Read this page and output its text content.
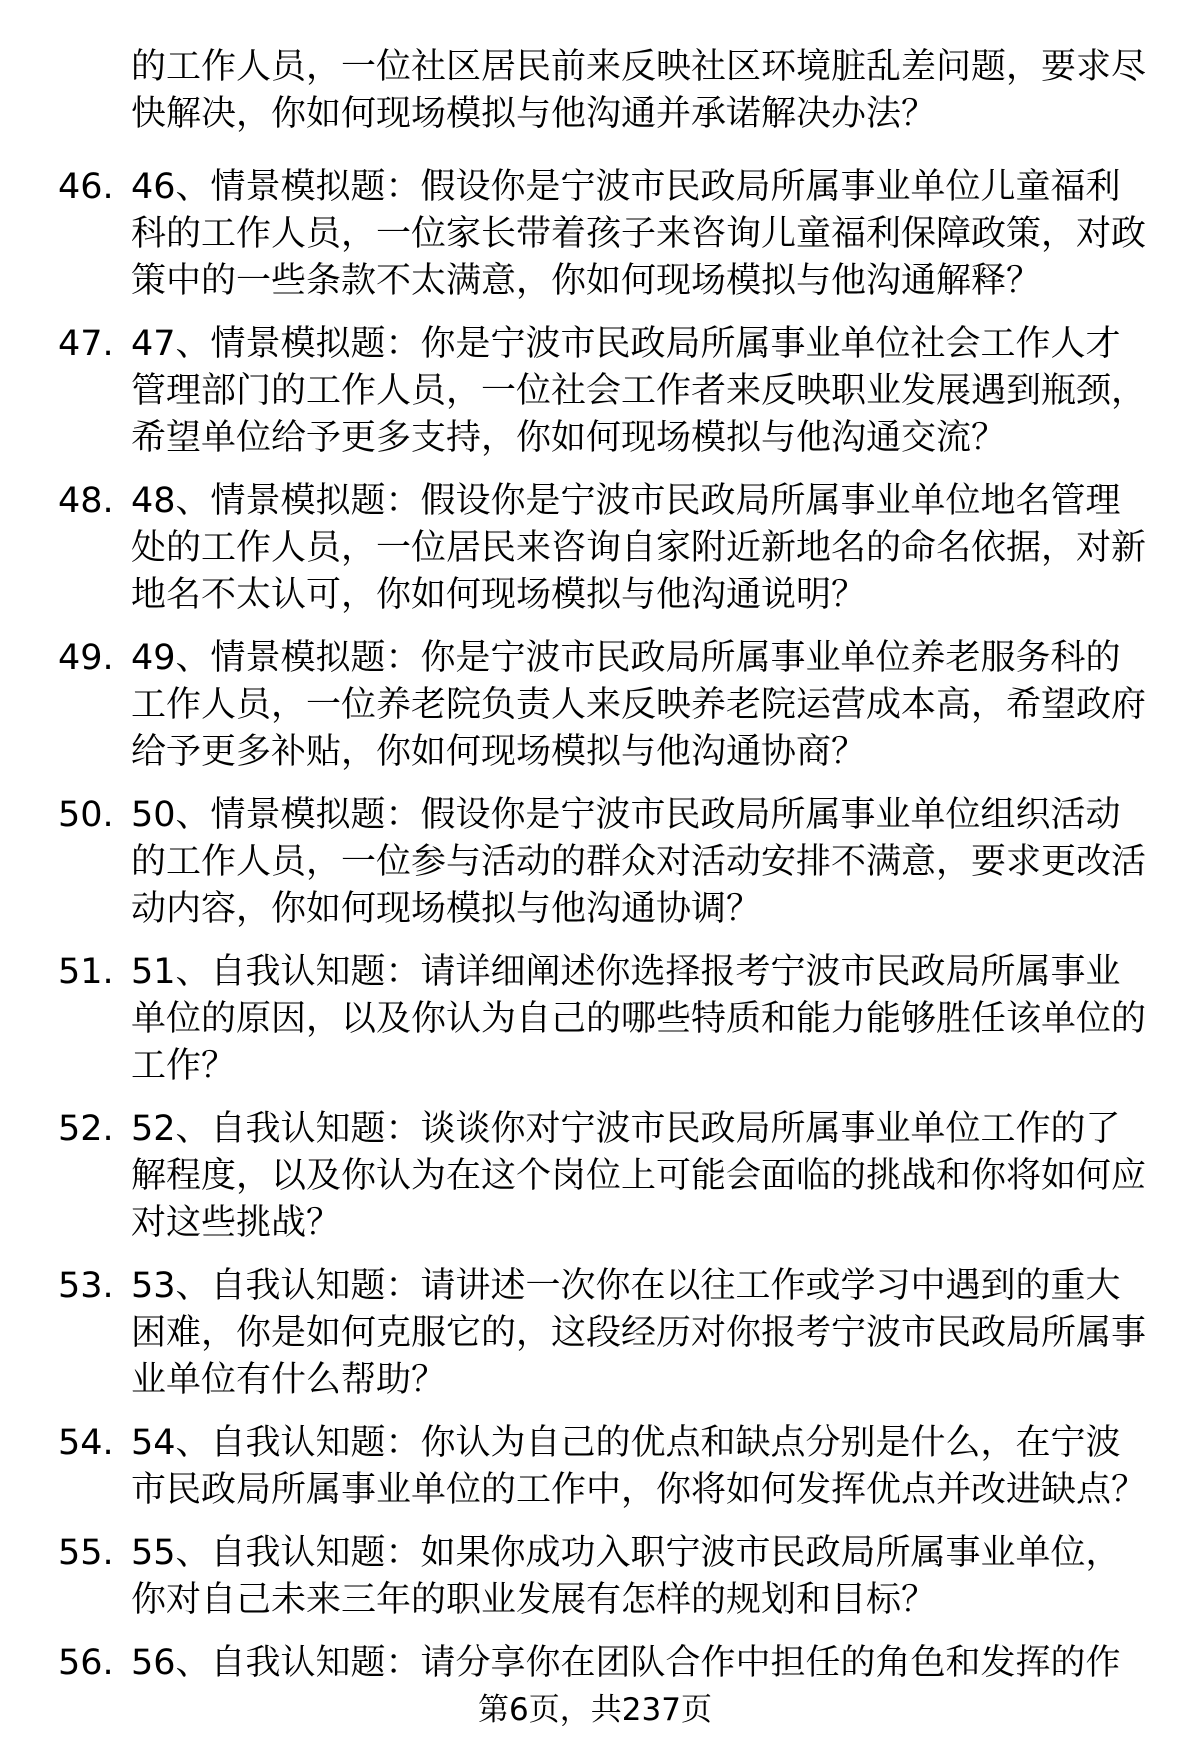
的工作人员，一位社区居民前来反映社区环境脏乱差问题，要求尽快解决，你如何现场模拟与他沟通并承诺解决办法？
46. 46、情景模拟题：假设你是宁波市民政局所属事业单位儿童福利科的工作人员，一位家长带着孩子来咨询儿童福利保障政策，对政策中的一些条款不太满意，你如何现场模拟与他沟通解释？
47. 47、情景模拟题：你是宁波市民政局所属事业单位社会工作人才管理部门的工作人员，一位社会工作者来反映职业发展遇到瓶颈，希望单位给予更多支持，你如何现场模拟与他沟通交流？
48. 48、情景模拟题：假设你是宁波市民政局所属事业单位地名管理处的工作人员，一位居民来咨询自家附近新地名的命名依据，对新地名不太认可，你如何现场模拟与他沟通说明？
49. 49、情景模拟题：你是宁波市民政局所属事业单位养老服务科的工作人员，一位养老院负责人来反映养老院运营成本高，希望政府给予更多补贴，你如何现场模拟与他沟通协商？
50. 50、情景模拟题：假设你是宁波市民政局所属事业单位组织活动的工作人员，一位参与活动的群众对活动安排不满意，要求更改活动内容，你如何现场模拟与他沟通协调？
51. 51、自我认知题：请详细阐述你选择报考宁波市民政局所属事业单位的原因，以及你认为自己的哪些特质和能力能够胜任该单位的工作？
52. 52、自我认知题：谈谈你对宁波市民政局所属事业单位工作的了解程度，以及你认为在这个岗位上可能会面临的挑战和你将如何应对这些挑战？
53. 53、自我认知题：请讲述一次你在以往工作或学习中遇到的重大困难，你是如何克服它的，这段经历对你报考宁波市民政局所属事业单位有什么帮助？
54. 54、自我认知题：你认为自己的优点和缺点分别是什么，在宁波市民政局所属事业单位的工作中，你将如何发挥优点并改进缺点？
55. 55、自我认知题：如果你成功入职宁波市民政局所属事业单位，你对自己未来三年的职业发展有怎样的规划和目标？
56. 56、自我认知题：请分享你在团队合作中担任的角色和发挥的作
第6页，共237页
